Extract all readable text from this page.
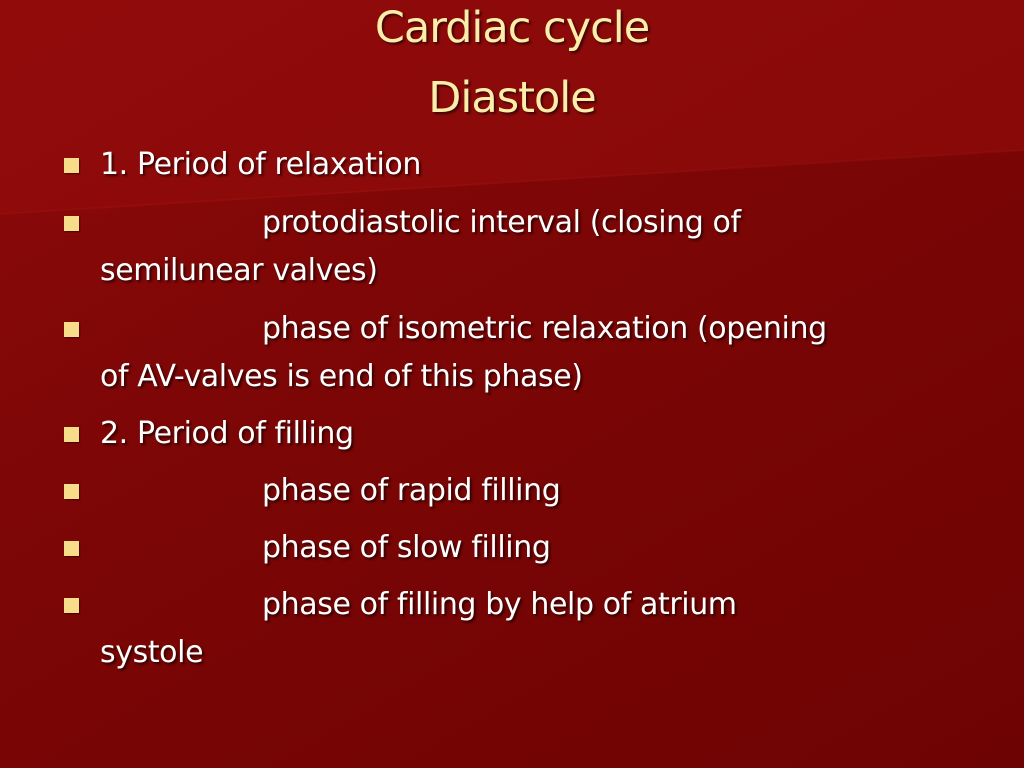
Cardiac cycle
Diastole
1. Period of relaxation
protodiastolic interval (closing of
semilunear valves)
phase of isometric relaxation (opening
of AV-valves is end of this phase)
2. Period of filling
phase of rapid filling
phase of slow filling
phase of filling by help of atrium
systole
